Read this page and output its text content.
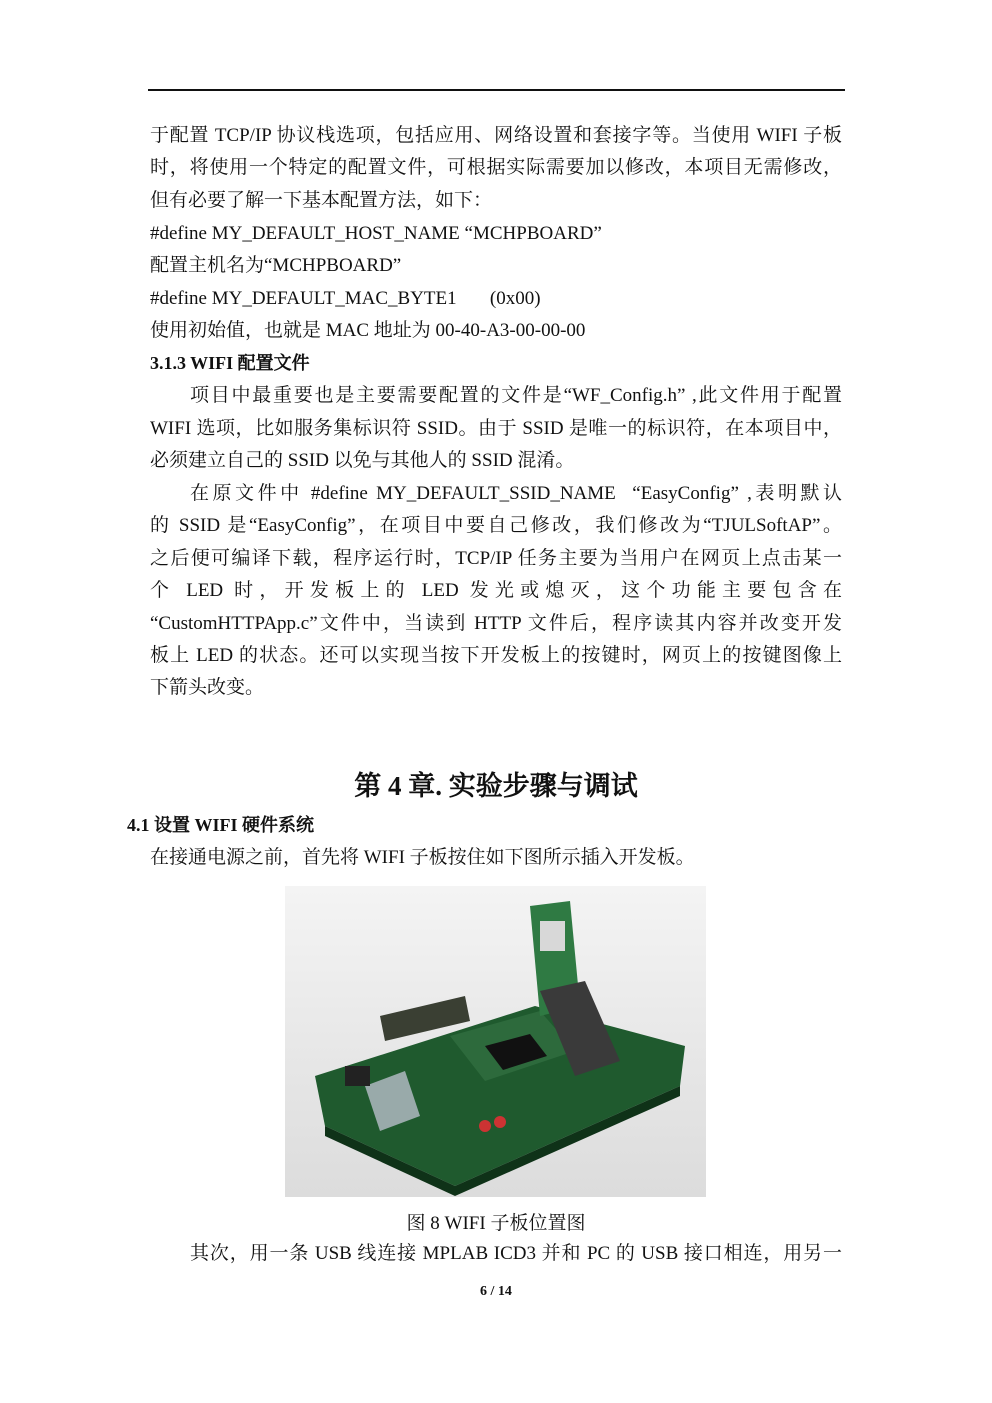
于配置 TCP/IP 协议栈选项，包括应用、网络设置和套接字等。当使用 WIFI 子板
时，将使用一个特定的配置文件，可根据实际需要加以修改，本项目无需修改，
但有必要了解一下基本配置方法，如下：
#define MY_DEFAULT_HOST_NAME “MCHPBOARD”
配置主机名为“MCHPBOARD”
#define MY_DEFAULT_MAC_BYTE1       (0x00)
使用初始值，也就是 MAC 地址为 00-40-A3-00-00-00
3.1.3 WIFI 配置文件
项目中最重要也是主要需要配置的文件是“WF_Config.h” ,此文件用于配置
WIFI 选项，比如服务集标识符 SSID。由于 SSID 是唯一的标识符，在本项目中，
必须建立自己的 SSID 以免与其他人的 SSID 混淆。
在原文件中 #define MY_DEFAULT_SSID_NAME  “EasyConfig” ,表明默认
的 SSID 是“EasyConfig”，在项目中要自己修改，我们修改为“TJULSoftAP”。
之后便可编译下载，程序运行时，TCP/IP 任务主要为当用户在网页上点击某一
个 LED 时，开发板上的 LED 发光或熄灭，这个功能主要包含在
“CustomHTTPApp.c”文件中，当读到 HTTP 文件后，程序读其内容并改变开发
板上 LED 的状态。还可以实现当按下开发板上的按键时，网页上的按键图像上
下箭头改变。
第 4 章. 实验步骤与调试
4.1 设置 WIFI 硬件系统
在接通电源之前，首先将 WIFI 子板按住如下图所示插入开发板。
图 8 WIFI 子板位置图
其次，用一条 USB 线连接 MPLAB ICD3 并和 PC 的 USB 接口相连，用另一
6 / 14
